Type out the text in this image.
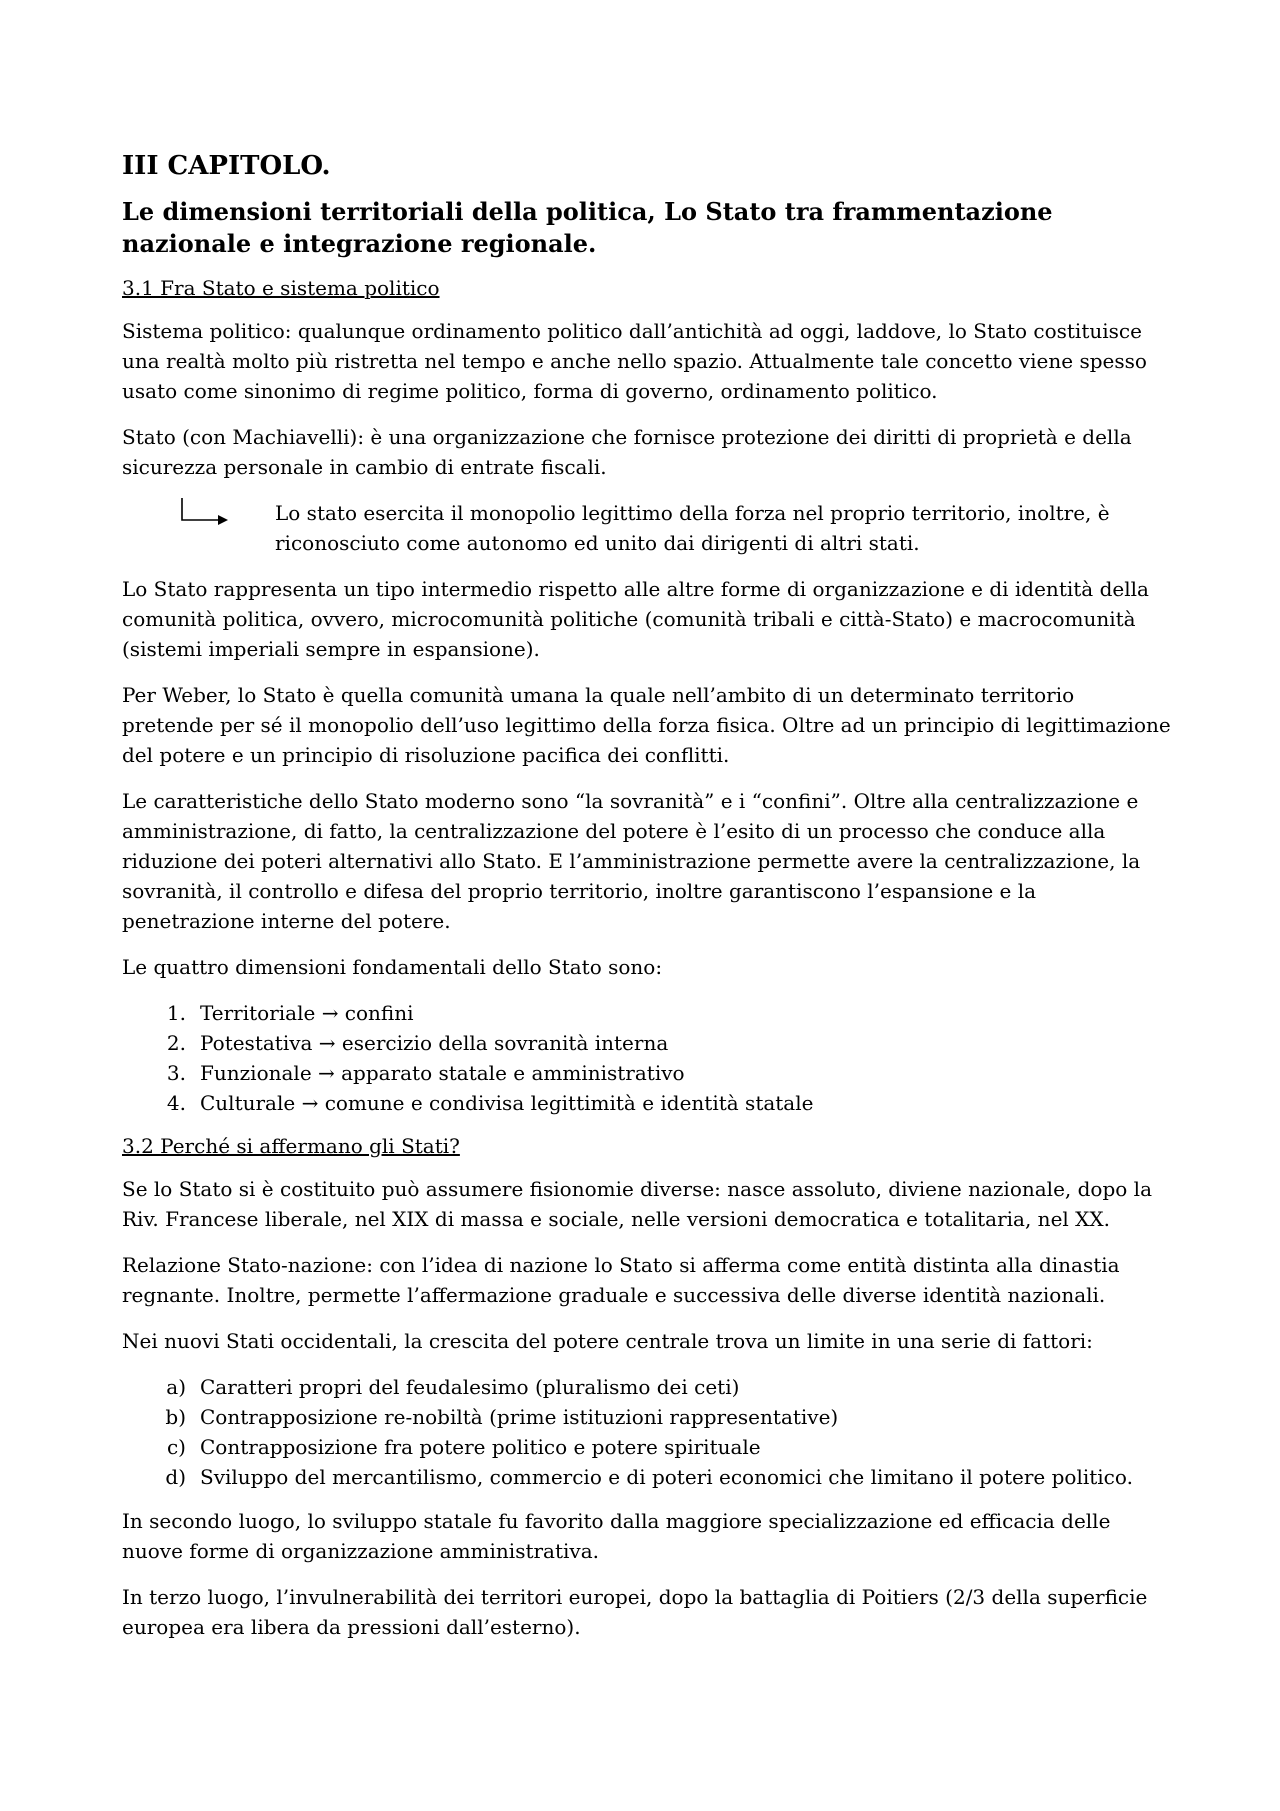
III CAPITOLO.
Le dimensioni territoriali della politica, Lo Stato tra frammentazione nazionale e integrazione regionale.
3.1 Fra Stato e sistema politico

Sistema politico: qualunque ordinamento politico dall’antichità ad oggi, laddove, lo Stato costituisce una realtà molto più ristretta nel tempo e anche nello spazio. Attualmente tale concetto viene spesso usato come sinonimo di regime politico, forma di governo, ordinamento politico.

Stato (con Machiavelli): è una organizzazione che fornisce protezione dei diritti di proprietà e della sicurezza personale in cambio di entrate fiscali.

Lo stato esercita il monopolio legittimo della forza nel proprio territorio, inoltre, è riconosciuto come autonomo ed unito dai dirigenti di altri stati.

Lo Stato rappresenta un tipo intermedio rispetto alle altre forme di organizzazione e di identità della comunità politica, ovvero, microcomunità politiche (comunità tribali e città-Stato) e macrocomunità (sistemi imperiali sempre in espansione).

Per Weber, lo Stato è quella comunità umana la quale nell’ambito di un determinato territorio pretende per sé il monopolio dell’uso legittimo della forza fisica. Oltre ad un principio di legittimazione del potere e un principio di risoluzione pacifica dei conflitti.

Le caratteristiche dello Stato moderno sono “la sovranità” e i “confini”. Oltre alla centralizzazione e amministrazione, di fatto, la centralizzazione del potere è l’esito di un processo che conduce alla riduzione dei poteri alternativi allo Stato. E l’amministrazione permette avere la centralizzazione, la sovranità, il controllo e difesa del proprio territorio, inoltre garantiscono l’espansione e la penetrazione interne del potere.

Le quattro dimensioni fondamentali dello Stato sono:

1. Territoriale → confini
2. Potestativa → esercizio della sovranità interna
3. Funzionale → apparato statale e amministrativo
4. Culturale → comune e condivisa legittimità e identità statale
3.2 Perché si affermano gli Stati?

Se lo Stato si è costituito può assumere fisionomie diverse: nasce assoluto, diviene nazionale, dopo la Riv. Francese liberale, nel XIX di massa e sociale, nelle versioni democratica e totalitaria, nel XX.

Relazione Stato-nazione: con l’idea di nazione lo Stato si afferma come entità distinta alla dinastia regnante. Inoltre, permette l’affermazione graduale e successiva delle diverse identità nazionali.

Nei nuovi Stati occidentali, la crescita del potere centrale trova un limite in una serie di fattori:

a) Caratteri propri del feudalesimo (pluralismo dei ceti)
b) Contrapposizione re-nobiltà (prime istituzioni rappresentative)
c) Contrapposizione fra potere politico e potere spirituale
d) Sviluppo del mercantilismo, commercio e di poteri economici che limitano il potere politico.

In secondo luogo, lo sviluppo statale fu favorito dalla maggiore specializzazione ed efficacia delle nuove forme di organizzazione amministrativa.

In terzo luogo, l’invulnerabilità dei territori europei, dopo la battaglia di Poitiers (2/3 della superficie europea era libera da pressioni dall’esterno).
